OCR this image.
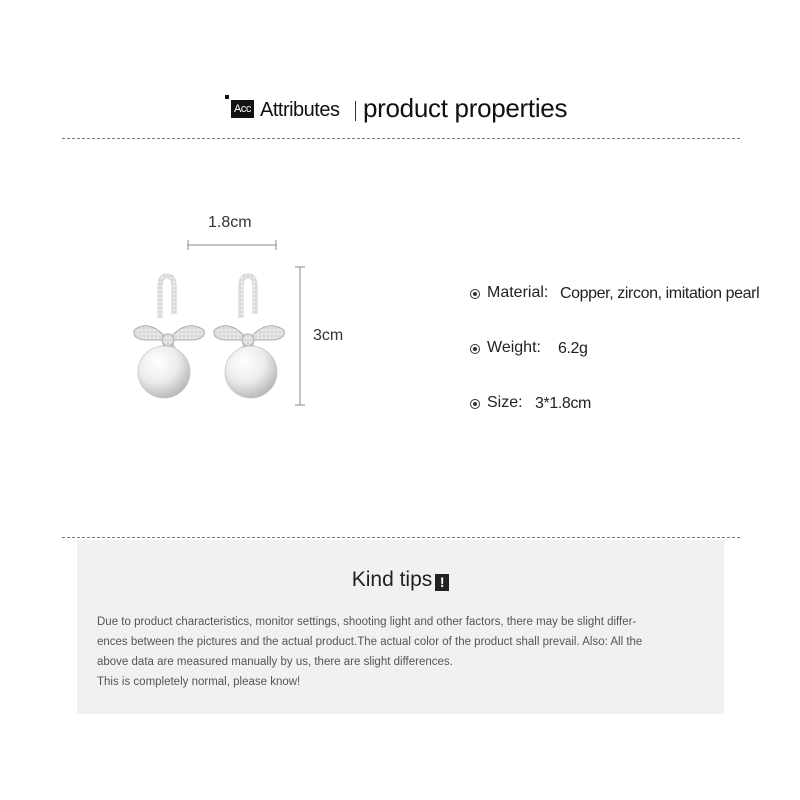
Acc Attributes product properties
1.8cm
3cm
Material: Copper, zircon, imitation pearl
Weight: 6.2g
Size: 3*1.8cm
Kind tips !

Due to product characteristics, monitor settings, shooting light and other factors, there may be slight differ-

ences between the pictures and the actual product.The actual color of the product shall prevail. Also: All the

above data are measured manually by us, there are slight differences.

This is completely normal, please know!
